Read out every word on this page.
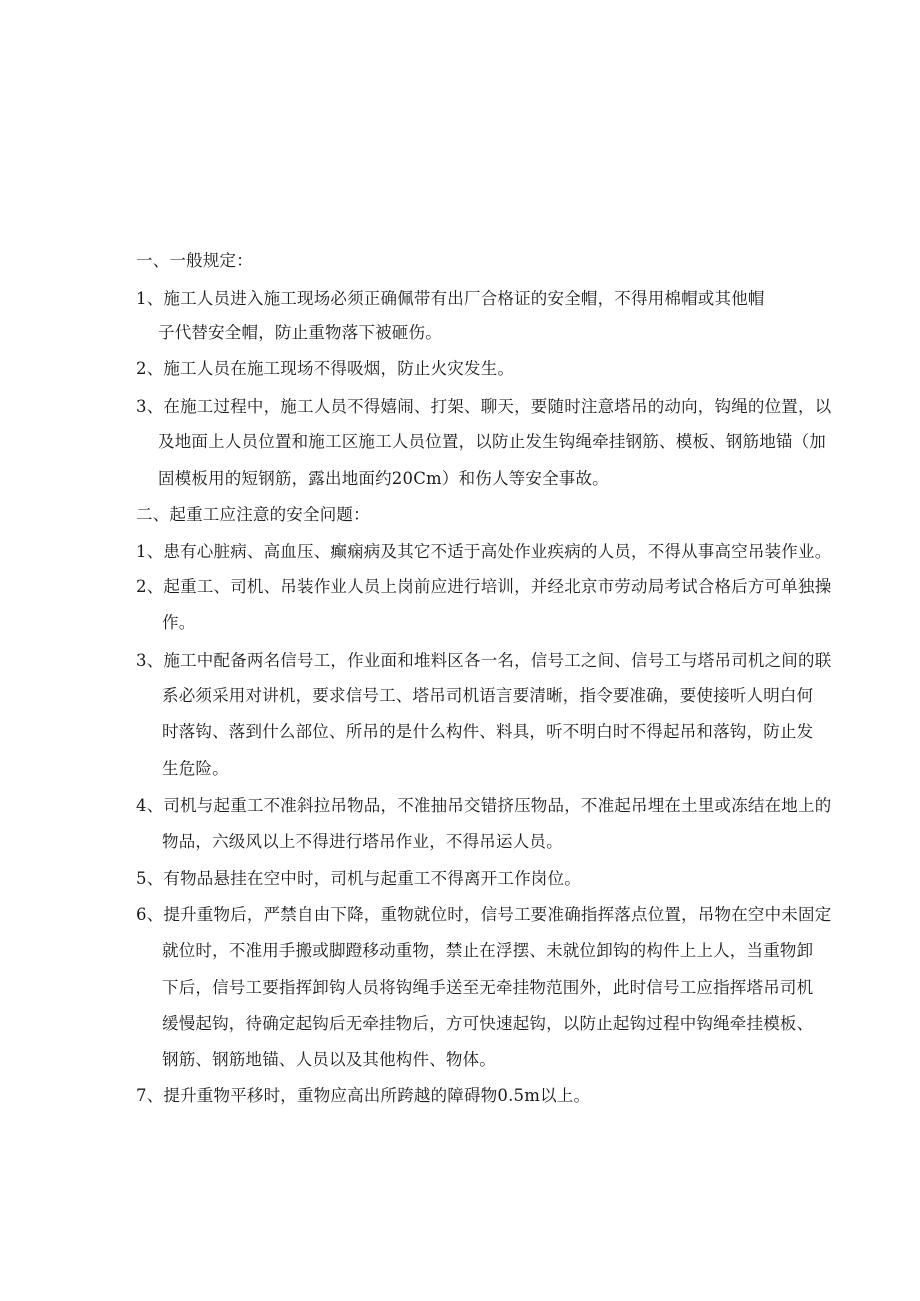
一、一般规定：
1、施工人员进入施工现场必须正确佩带有出厂合格证的安全帽，不得用棉帽或其他帽
子代替安全帽，防止重物落下被砸伤。
2、施工人员在施工现场不得吸烟，防止火灾发生。
3、在施工过程中，施工人员不得嬉闹、打架、聊天，要随时注意塔吊的动向，钩绳的位置，以
及地面上人员位置和施工区施工人员位置，以防止发生钩绳牵挂钢筋、模板、钢筋地锚（加
固模板用的短钢筋，露出地面约20Cm）和伤人等安全事故。
二、起重工应注意的安全问题：
1、患有心脏病、高血压、癫痫病及其它不适于高处作业疾病的人员，不得从事高空吊装作业。
2、起重工、司机、吊装作业人员上岗前应进行培训，并经北京市劳动局考试合格后方可单独操
作。
3、施工中配备两名信号工，作业面和堆料区各一名，信号工之间、信号工与塔吊司机之间的联
系必须采用对讲机，要求信号工、塔吊司机语言要清晰，指令要准确，要使接听人明白何
时落钩、落到什么部位、所吊的是什么构件、料具，听不明白时不得起吊和落钩，防止发
生危险。
4、司机与起重工不准斜拉吊物品，不准抽吊交错挤压物品，不准起吊埋在土里或冻结在地上的
物品，六级风以上不得进行塔吊作业，不得吊运人员。
5、有物品悬挂在空中时，司机与起重工不得离开工作岗位。
6、提升重物后，严禁自由下降，重物就位时，信号工要准确指挥落点位置，吊物在空中未固定
就位时，不准用手搬或脚蹬移动重物，禁止在浮摆、未就位卸钩的构件上上人，当重物卸
下后，信号工要指挥卸钩人员将钩绳手送至无牵挂物范围外，此时信号工应指挥塔吊司机
缓慢起钩，待确定起钩后无牵挂物后，方可快速起钩，以防止起钩过程中钩绳牵挂模板、
钢筋、钢筋地锚、人员以及其他构件、物体。
7、提升重物平移时，重物应高出所跨越的障碍物0.5m以上。
